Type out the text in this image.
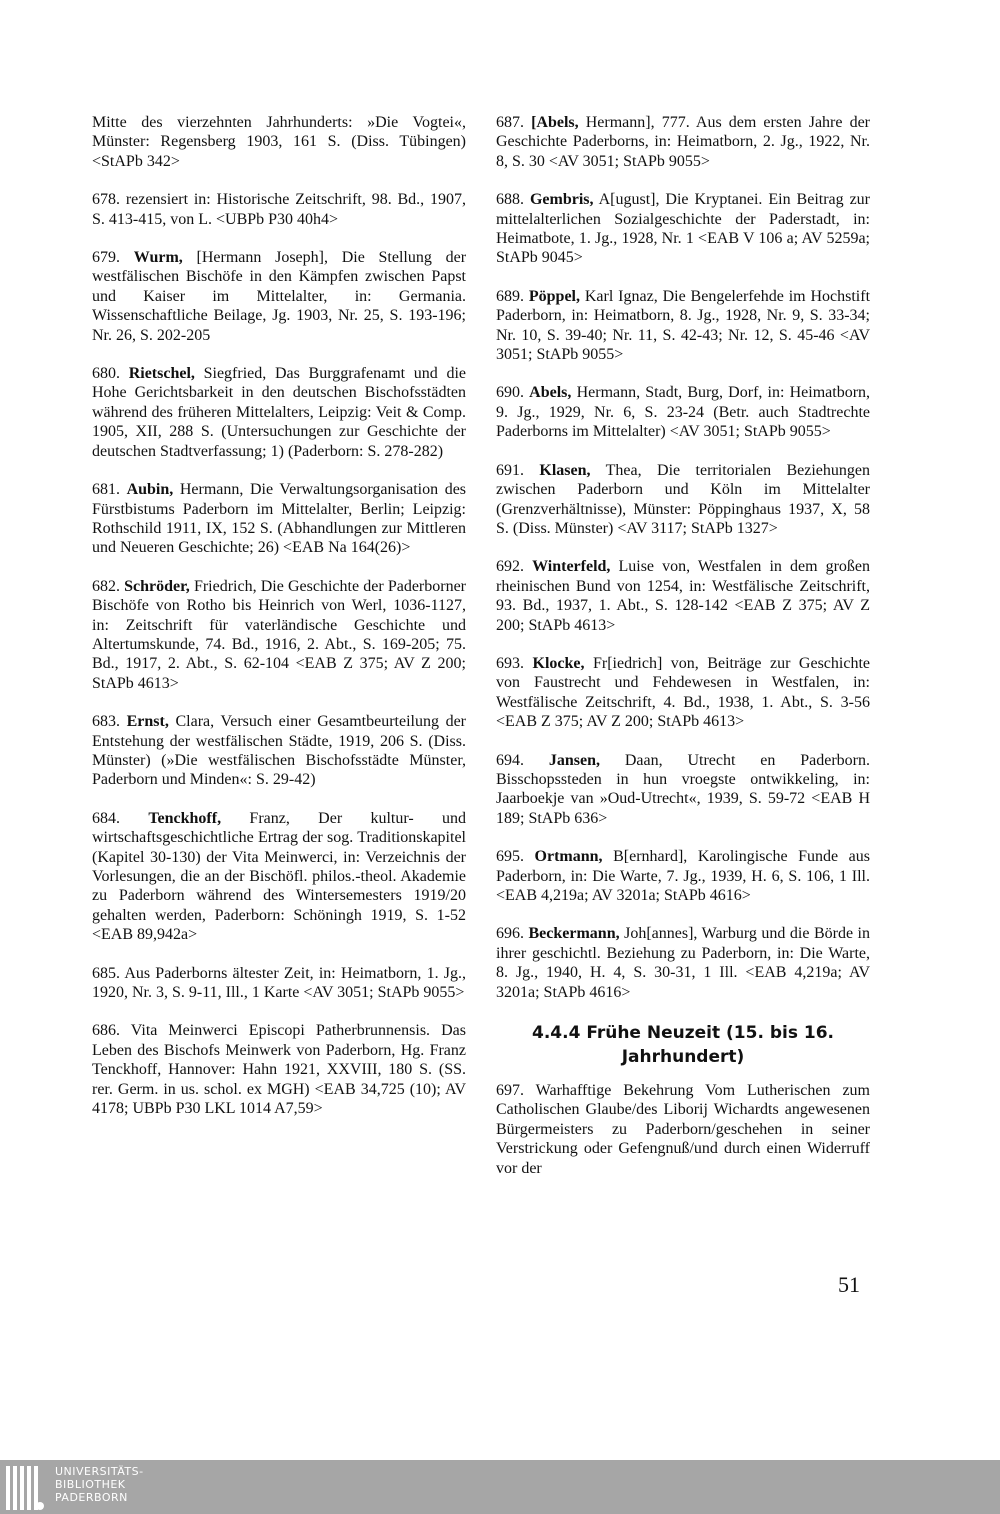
Mitte des vierzehnten Jahrhunderts: »Die Vogtei«, Münster: Regensberg 1903, 161 S. (Diss. Tübingen) <StAPb 342>
678. rezensiert in: Historische Zeitschrift, 98. Bd., 1907, S. 413-415, von L. <UBPb P30 40h4>
679. Wurm, [Hermann Joseph], Die Stellung der westfälischen Bischöfe in den Kämpfen zwischen Papst und Kaiser im Mittelalter, in: Germania. Wissenschaftliche Beilage, Jg. 1903, Nr. 25, S. 193-196; Nr. 26, S. 202-205
680. Rietschel, Siegfried, Das Burggrafenamt und die Hohe Gerichtsbarkeit in den deutschen Bischofsstädten während des früheren Mittelalters, Leipzig: Veit & Comp. 1905, XII, 288 S. (Untersuchungen zur Geschichte der deutschen Stadtverfassung; 1) (Paderborn: S. 278-282)
681. Aubin, Hermann, Die Verwaltungsorganisation des Fürstbistums Paderborn im Mittelalter, Berlin; Leipzig: Rothschild 1911, IX, 152 S. (Abhandlungen zur Mittleren und Neueren Geschichte; 26) <EAB Na 164(26)>
682. Schröder, Friedrich, Die Geschichte der Paderborner Bischöfe von Rotho bis Heinrich von Werl, 1036-1127, in: Zeitschrift für vaterländische Geschichte und Altertumskunde, 74. Bd., 1916, 2. Abt., S. 169-205; 75. Bd., 1917, 2. Abt., S. 62-104 <EAB Z 375; AV Z 200; StAPb 4613>
683. Ernst, Clara, Versuch einer Gesamtbeurteilung der Entstehung der westfälischen Städte, 1919, 206 S. (Diss. Münster) (»Die westfälischen Bischofsstädte Münster, Paderborn und Minden«: S. 29-42)
684. Tenckhoff, Franz, Der kultur- und wirtschaftsgeschichtliche Ertrag der sog. Traditionskapitel (Kapitel 30-130) der Vita Meinwerci, in: Verzeichnis der Vorlesungen, die an der Bischöfl. philos.-theol. Akademie zu Paderborn während des Wintersemesters 1919/20 gehalten werden, Paderborn: Schöningh 1919, S. 1-52 <EAB 89,942a>
685. Aus Paderborns ältester Zeit, in: Heimatborn, 1. Jg., 1920, Nr. 3, S. 9-11, Ill., 1 Karte <AV 3051; StAPb 9055>
686. Vita Meinwerci Episcopi Patherbrunnensis. Das Leben des Bischofs Meinwerk von Paderborn, Hg. Franz Tenckhoff, Hannover: Hahn 1921, XXVIII, 180 S. (SS. rer. Germ. in us. schol. ex MGH) <EAB 34,725 (10); AV 4178; UBPb P30 LKL 1014 A7,59>
687. [Abels, Hermann], 777. Aus dem ersten Jahre der Geschichte Paderborns, in: Heimatborn, 2. Jg., 1922, Nr. 8, S. 30 <AV 3051; StAPb 9055>
688. Gembris, A[ugust], Die Kryptanei. Ein Beitrag zur mittelalterlichen Sozialgeschichte der Paderstadt, in: Heimatbote, 1. Jg., 1928, Nr. 1 <EAB V 106 a; AV 5259a; StAPb 9045>
689. Pöppel, Karl Ignaz, Die Bengelerfehde im Hochstift Paderborn, in: Heimatborn, 8. Jg., 1928, Nr. 9, S. 33-34; Nr. 10, S. 39-40; Nr. 11, S. 42-43; Nr. 12, S. 45-46 <AV 3051; StAPb 9055>
690. Abels, Hermann, Stadt, Burg, Dorf, in: Heimatborn, 9. Jg., 1929, Nr. 6, S. 23-24 (Betr. auch Stadtrechte Paderborns im Mittelalter) <AV 3051; StAPb 9055>
691. Klasen, Thea, Die territorialen Beziehungen zwischen Paderborn und Köln im Mittelalter (Grenzverhältnisse), Münster: Pöppinghaus 1937, X, 58 S. (Diss. Münster) <AV 3117; StAPb 1327>
692. Winterfeld, Luise von, Westfalen in dem großen rheinischen Bund von 1254, in: Westfälische Zeitschrift, 93. Bd., 1937, 1. Abt., S. 128-142 <EAB Z 375; AV Z 200; StAPb 4613>
693. Klocke, Fr[iedrich] von, Beiträge zur Geschichte von Faustrecht und Fehdewesen in Westfalen, in: Westfälische Zeitschrift, 4. Bd., 1938, 1. Abt., S. 3-56 <EAB Z 375; AV Z 200; StAPb 4613>
694. Jansen, Daan, Utrecht en Paderborn. Bisschopssteden in hun vroegste ontwikkeling, in: Jaarboekje van »Oud-Utrecht«, 1939, S. 59-72 <EAB H 189; StAPb 636>
695. Ortmann, B[ernhard], Karolingische Funde aus Paderborn, in: Die Warte, 7. Jg., 1939, H. 6, S. 106, 1 Ill. <EAB 4,219a; AV 3201a; StAPb 4616>
696. Beckermann, Joh[annes], Warburg und die Börde in ihrer geschichtl. Beziehung zu Paderborn, in: Die Warte, 8. Jg., 1940, H. 4, S. 30-31, 1 Ill. <EAB 4,219a; AV 3201a; StAPb 4616>
4.4.4 Frühe Neuzeit (15. bis 16. Jahrhundert)
697. Warhafftige Bekehrung Vom Lutherischen zum Catholischen Glaube/des Liborij Wichardts angewesenen Bürgermeisters zu Paderborn/geschehen in seiner Verstrickung oder Gefengnuß/und durch einen Widerruff vor der
51
UNIVERSITÄTS-
BIBLIOTHEK
PADERBORN
